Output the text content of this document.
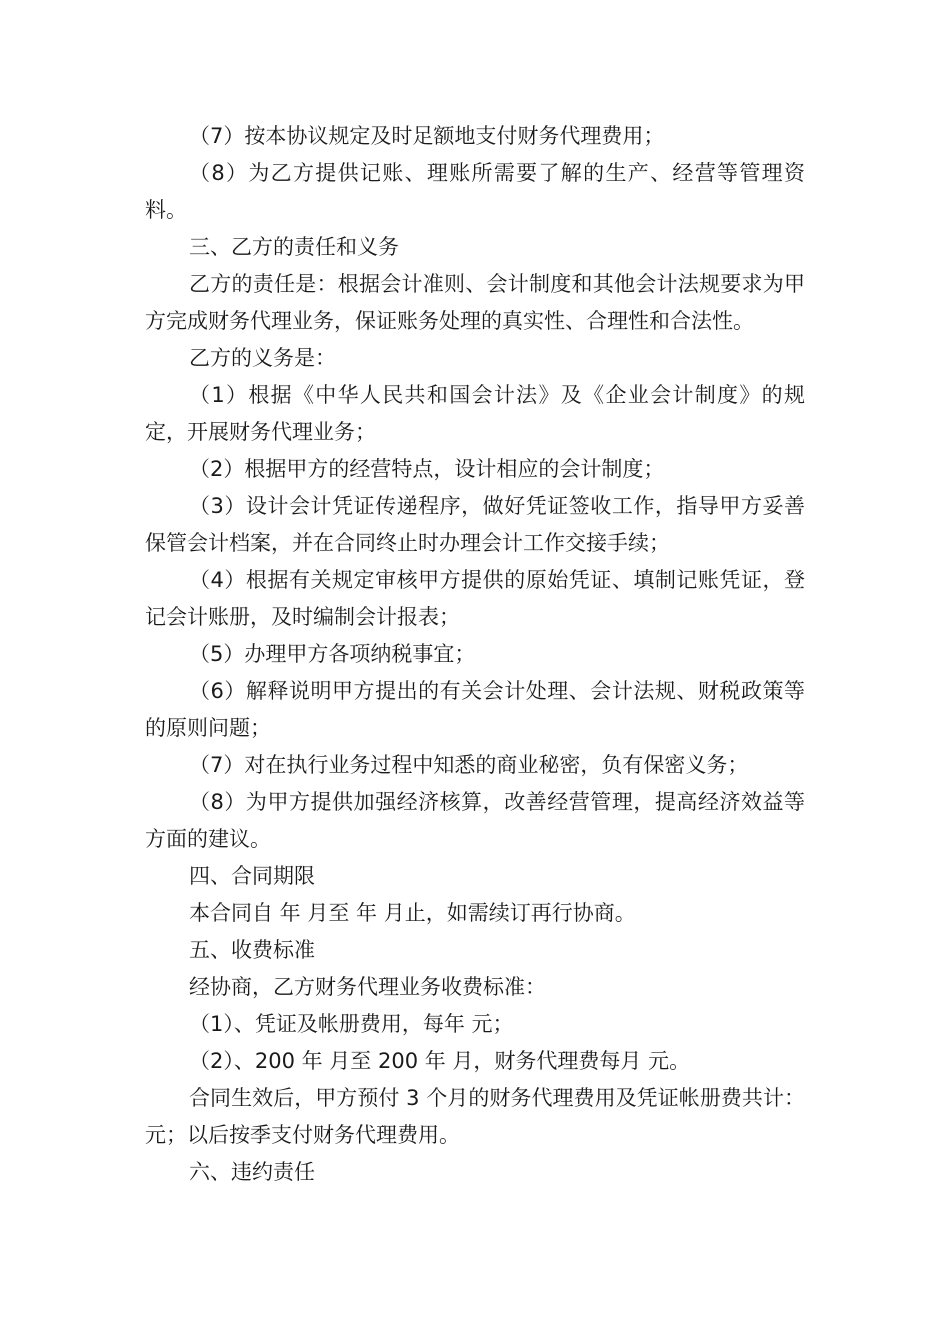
（7）按本协议规定及时足额地支付财务代理费用；

（8）为乙方提供记账、理账所需要了解的生产、经营等管理资料。

三、乙方的责任和义务

乙方的责任是：根据会计准则、会计制度和其他会计法规要求为甲方完成财务代理业务，保证账务处理的真实性、合理性和合法性。

乙方的义务是：

（1）根据《中华人民共和国会计法》及《企业会计制度》的规定，开展财务代理业务；

（2）根据甲方的经营特点，设计相应的会计制度；

（3）设计会计凭证传递程序，做好凭证签收工作，指导甲方妥善保管会计档案，并在合同终止时办理会计工作交接手续；

（4）根据有关规定审核甲方提供的原始凭证、填制记账凭证，登记会计账册，及时编制会计报表；

（5）办理甲方各项纳税事宜；

（6）解释说明甲方提出的有关会计处理、会计法规、财税政策等的原则问题；

（7）对在执行业务过程中知悉的商业秘密，负有保密义务；

（8）为甲方提供加强经济核算，改善经营管理，提高经济效益等方面的建议。

四、合同期限

本合同自 年 月至 年 月止，如需续订再行协商。

五、收费标准

经协商，乙方财务代理业务收费标准：

（1）、凭证及帐册费用，每年 元；

（2）、200 年 月至 200 年 月，财务代理费每月 元。

合同生效后，甲方预付 3 个月的财务代理费用及凭证帐册费共计： 元；以后按季支付财务代理费用。

六、违约责任
